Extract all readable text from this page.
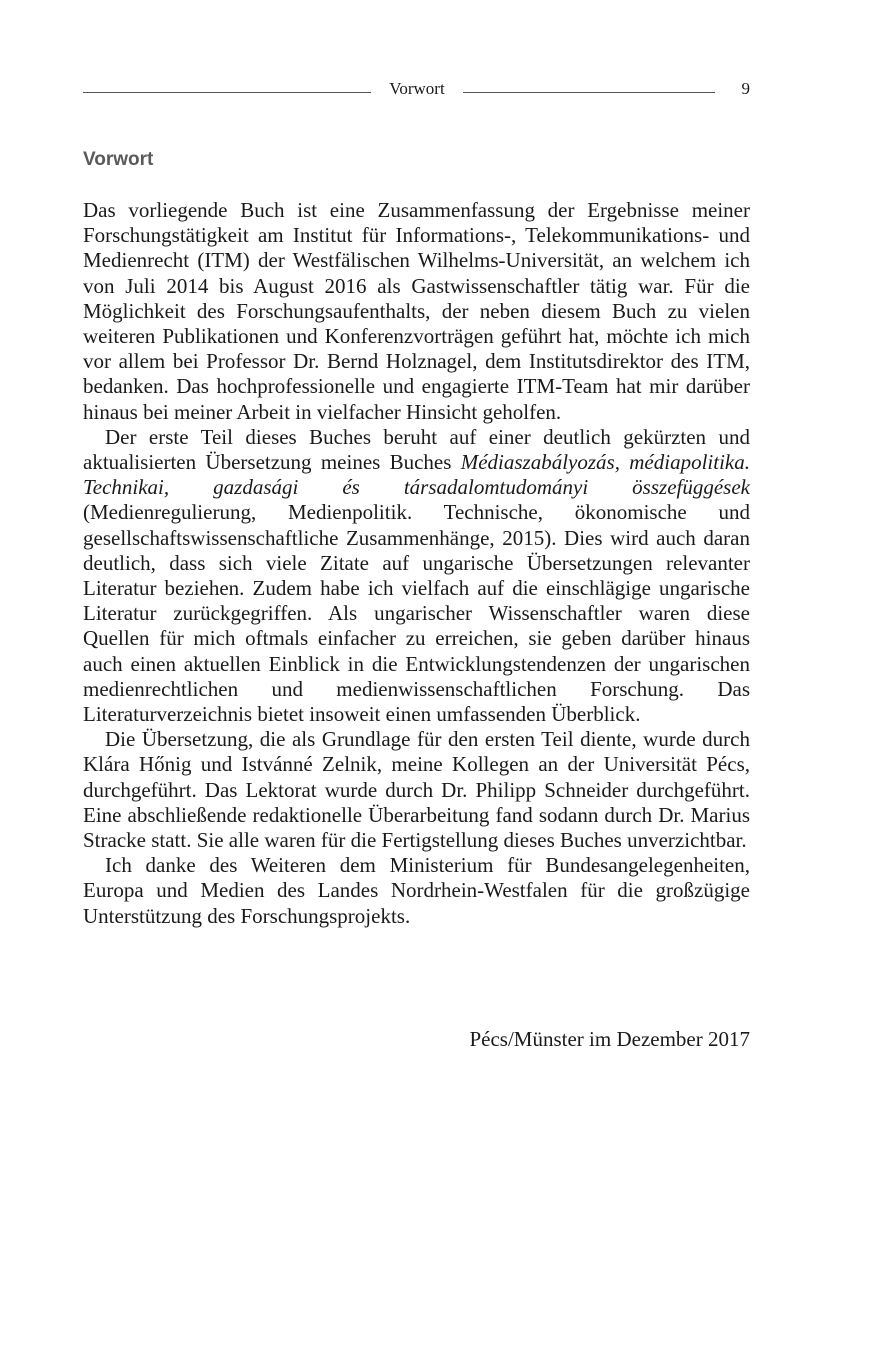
Vorwort	9
Vorwort

Das vorliegende Buch ist eine Zusammenfassung der Ergebnisse meiner Forschungstätigkeit am Institut für Informations-, Telekommunikations- und Medienrecht (ITM) der Westfälischen Wilhelms-Universität, an welchem ich von Juli 2014 bis August 2016 als Gastwissenschaftler tätig war. Für die Möglichkeit des Forschungsaufenthalts, der neben diesem Buch zu vielen weiteren Publikationen und Konferenzvorträgen geführt hat, möchte ich mich vor allem bei Professor Dr. Bernd Holznagel, dem Institutsdirektor des ITM, bedanken. Das hochprofessionelle und engagierte ITM-Team hat mir darüber hinaus bei meiner Arbeit in vielfacher Hinsicht geholfen.

Der erste Teil dieses Buches beruht auf einer deutlich gekürzten und aktualisierten Übersetzung meines Buches Médiaszabályozás, médiapolitika. Technikai, gazdasági és társadalomtudományi összefüggések (Medienregulierung, Medienpolitik. Technische, ökonomische und gesellschaftswissenschaftliche Zusammenhänge, 2015). Dies wird auch daran deutlich, dass sich viele Zitate auf ungarische Übersetzungen relevanter Literatur beziehen. Zudem habe ich vielfach auf die einschlägige ungarische Literatur zurückgegriffen. Als ungarischer Wissenschaftler waren diese Quellen für mich oftmals einfacher zu erreichen, sie geben darüber hinaus auch einen aktuellen Einblick in die Entwicklungstendenzen der ungarischen medienrechtlichen und medienwissenschaftlichen Forschung. Das Literaturverzeichnis bietet insoweit einen umfassenden Überblick.

Die Übersetzung, die als Grundlage für den ersten Teil diente, wurde durch Klára Hőnig und Istvánné Zelnik, meine Kollegen an der Universität Pécs, durchgeführt. Das Lektorat wurde durch Dr. Philipp Schneider durchgeführt. Eine abschließende redaktionelle Überarbeitung fand sodann durch Dr. Marius Stracke statt. Sie alle waren für die Fertigstellung dieses Buches unverzichtbar.

Ich danke des Weiteren dem Ministerium für Bundesangelegenheiten, Europa und Medien des Landes Nordrhein-Westfalen für die großzügige Unterstützung des Forschungsprojekts.

Pécs/Münster im Dezember 2017
